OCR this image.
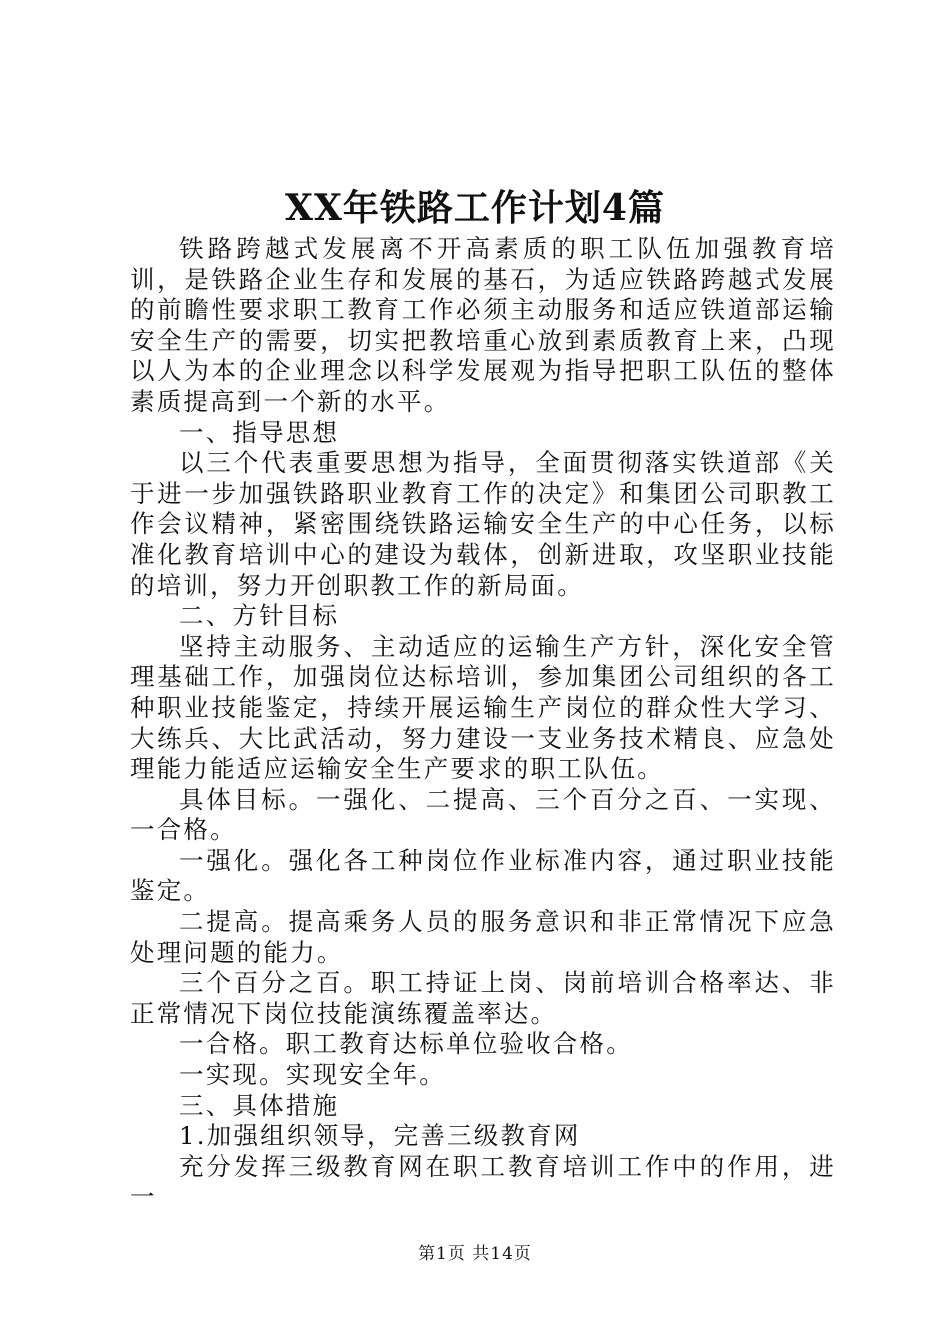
XX年铁路工作计划4篇

铁路跨越式发展离不开高素质的职工队伍加强教育培训，是铁路企业生存和发展的基石，为适应铁路跨越式发展的前瞻性要求职工教育工作必须主动服务和适应铁道部运输安全生产的需要，切实把教培重心放到素质教育上来，凸现以人为本的企业理念以科学发展观为指导把职工队伍的整体素质提高到一个新的水平。

一、指导思想

以三个代表重要思想为指导，全面贯彻落实铁道部《关于进一步加强铁路职业教育工作的决定》和集团公司职教工作会议精神，紧密围绕铁路运输安全生产的中心任务，以标准化教育培训中心的建设为载体，创新进取，攻坚职业技能的培训，努力开创职教工作的新局面。

二、方针目标

坚持主动服务、主动适应的运输生产方针，深化安全管理基础工作，加强岗位达标培训，参加集团公司组织的各工种职业技能鉴定，持续开展运输生产岗位的群众性大学习、大练兵、大比武活动，努力建设一支业务技术精良、应急处理能力能适应运输安全生产要求的职工队伍。

具体目标。一强化、二提高、三个百分之百、一实现、一合格。

一强化。强化各工种岗位作业标准内容，通过职业技能鉴定。

二提高。提高乘务人员的服务意识和非正常情况下应急处理问题的能力。

三个百分之百。职工持证上岗、岗前培训合格率达、非正常情况下岗位技能演练覆盖率达。

一合格。职工教育达标单位验收合格。

一实现。实现安全年。

三、具体措施

1.加强组织领导，完善三级教育网

充分发挥三级教育网在职工教育培训工作中的作用，进一

第1页 共14页
